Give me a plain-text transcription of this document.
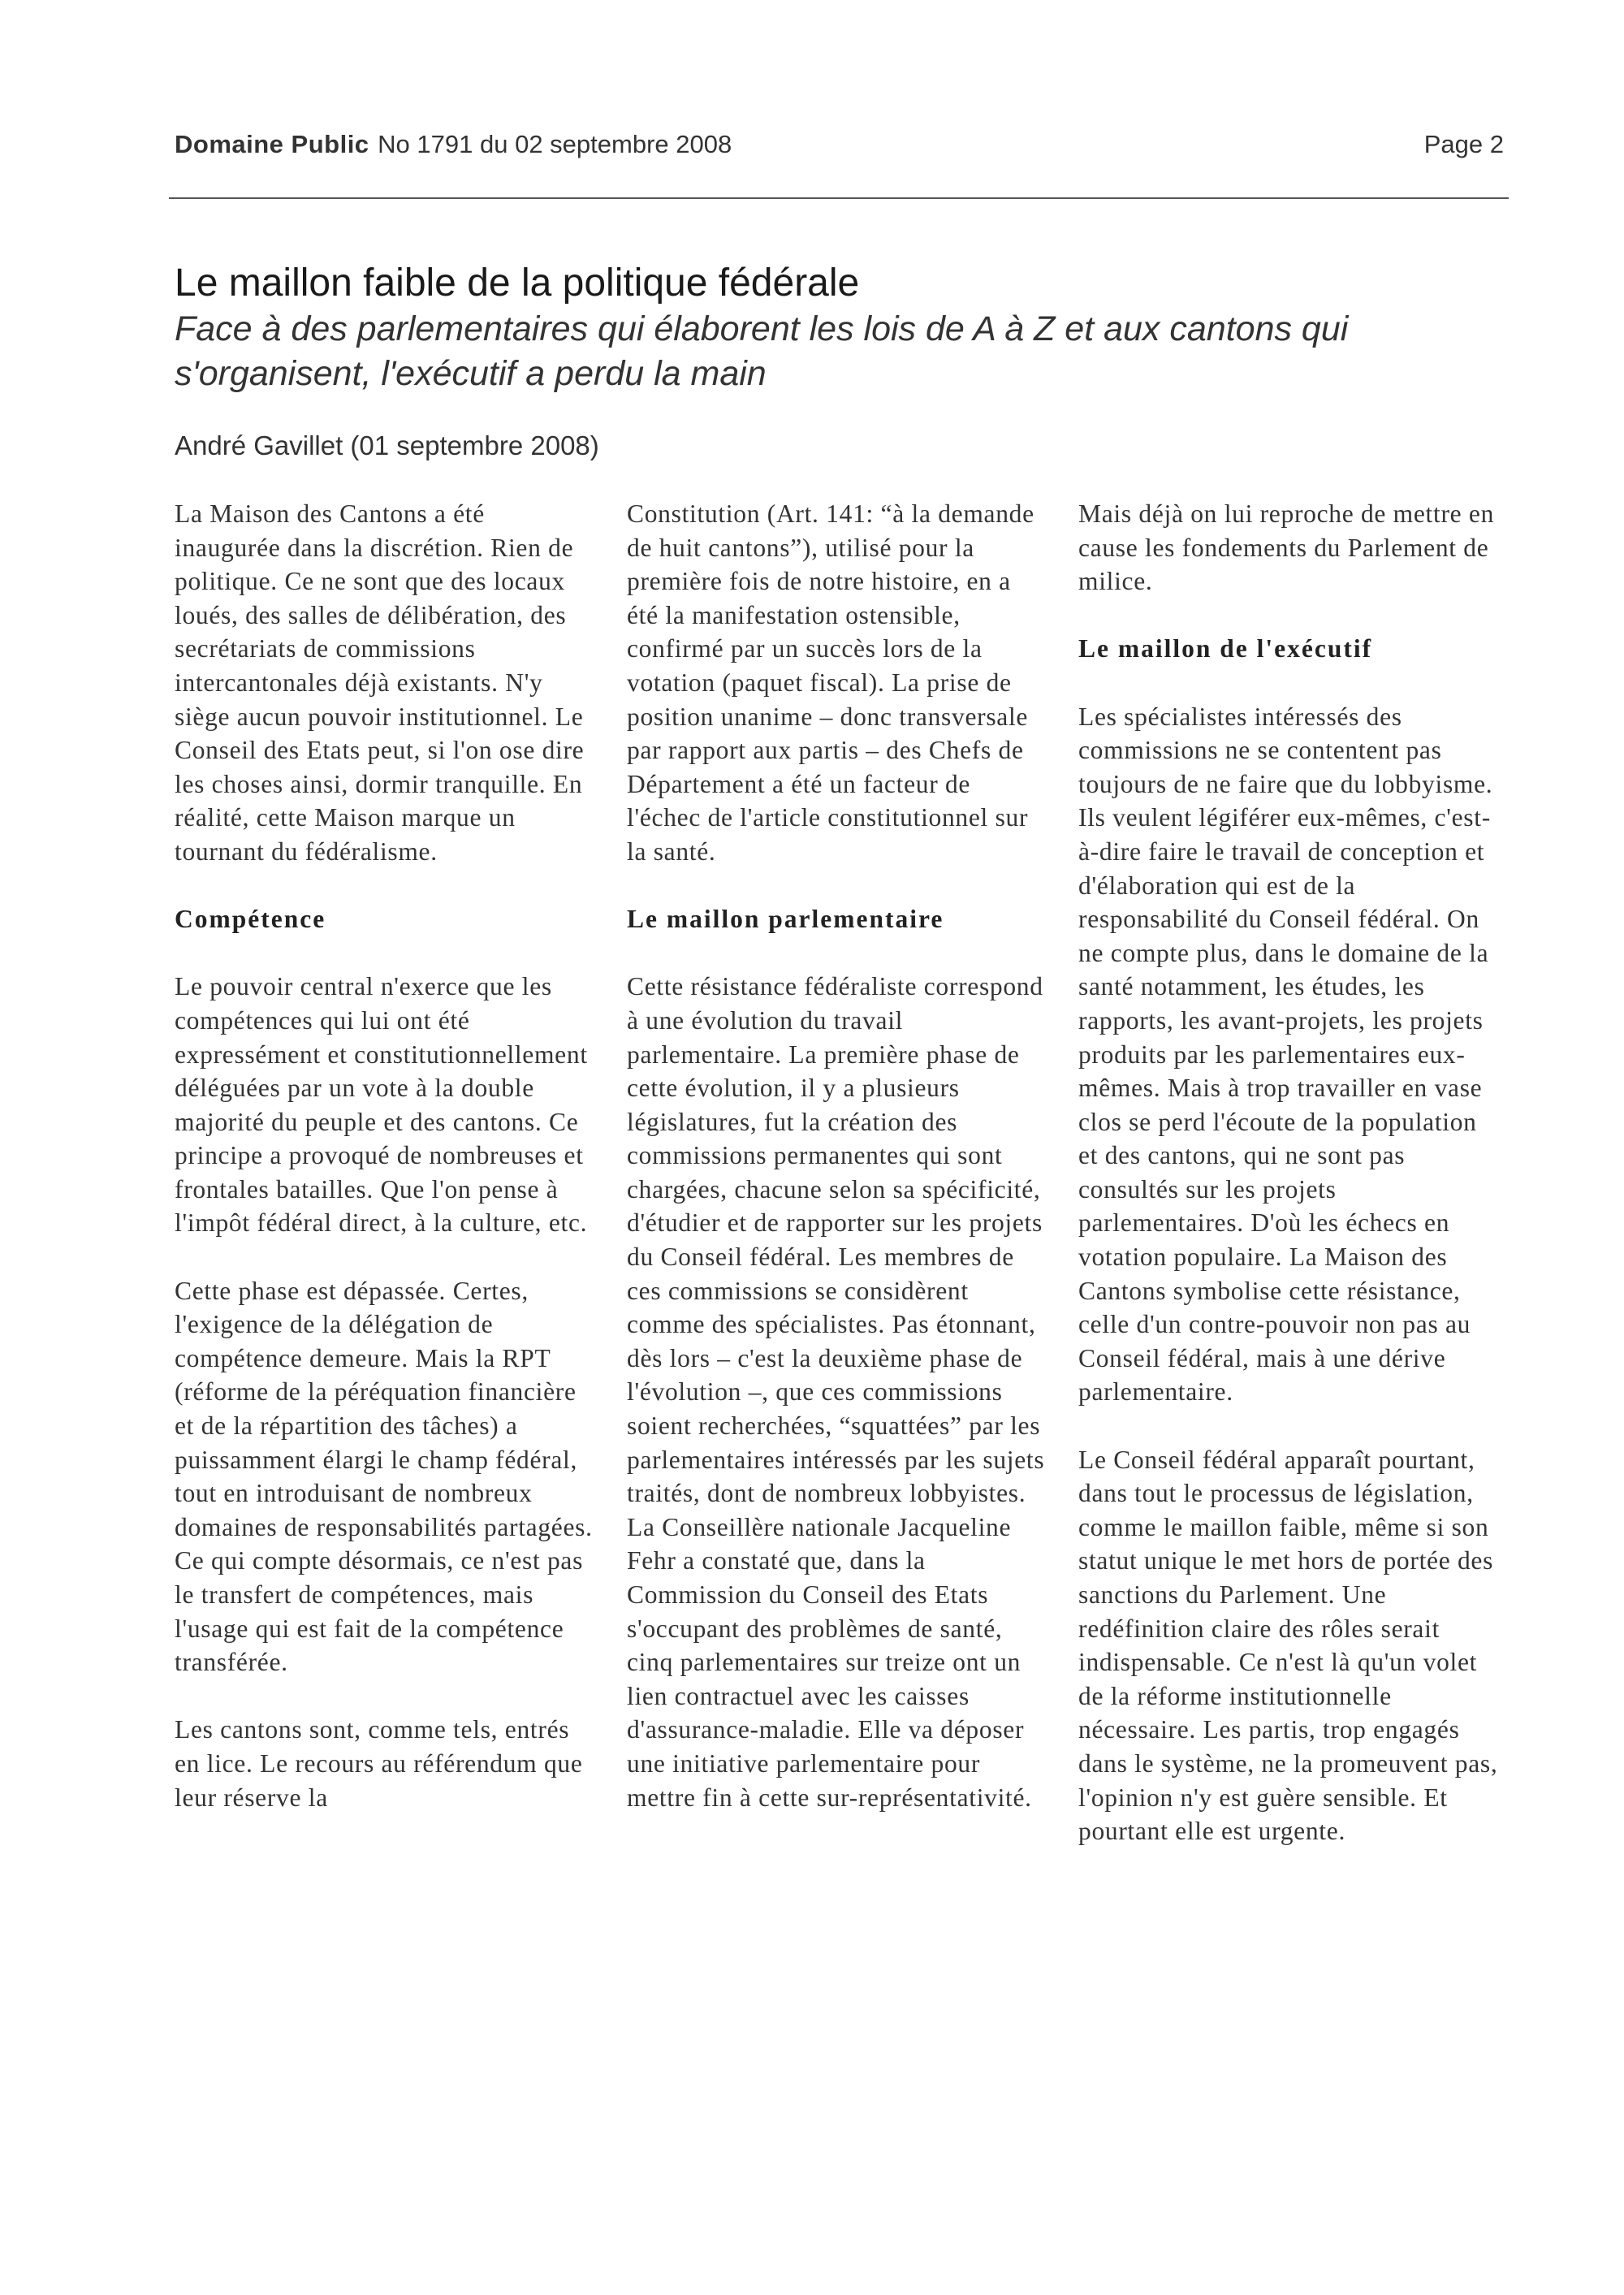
Domaine Public No 1791 du 02 septembre 2008	Page 2
Le maillon faible de la politique fédérale

Face à des parlementaires qui élaborent les lois de A à Z et aux cantons qui s'organisent, l'exécutif a perdu la main

André Gavillet (01 septembre 2008)

La Maison des Cantons a été inaugurée dans la discrétion. Rien de politique. Ce ne sont que des locaux loués, des salles de délibération, des secrétariats de commissions intercantonales déjà existants. N'y siège aucun pouvoir institutionnel. Le Conseil des Etats peut, si l'on ose dire les choses ainsi, dormir tranquille. En réalité, cette Maison marque un tournant du fédéralisme.

Compétence

Le pouvoir central n'exerce que les compétences qui lui ont été expressément et constitutionnellement déléguées par un vote à la double majorité du peuple et des cantons. Ce principe a provoqué de nombreuses et frontales batailles. Que l'on pense à l'impôt fédéral direct, à la culture, etc.

Cette phase est dépassée. Certes, l'exigence de la délégation de compétence demeure. Mais la RPT (réforme de la péréquation financière et de la répartition des tâches) a puissamment élargi le champ fédéral, tout en introduisant de nombreux domaines de responsabilités partagées. Ce qui compte désormais, ce n'est pas le transfert de compétences, mais l'usage qui est fait de la compétence transférée.

Les cantons sont, comme tels, entrés en lice. Le recours au référendum que leur réserve la

Constitution (Art. 141: “à la demande de huit cantons”), utilisé pour la première fois de notre histoire, en a été la manifestation ostensible, confirmé par un succès lors de la votation (paquet fiscal). La prise de position unanime – donc transversale par rapport aux partis – des Chefs de Département a été un facteur de l'échec de l'article constitutionnel sur la santé.

Le maillon parlementaire

Cette résistance fédéraliste correspond à une évolution du travail parlementaire. La première phase de cette évolution, il y a plusieurs législatures, fut la création des commissions permanentes qui sont chargées, chacune selon sa spécificité, d'étudier et de rapporter sur les projets du Conseil fédéral. Les membres de ces commissions se considèrent comme des spécialistes. Pas étonnant, dès lors – c'est la deuxième phase de l'évolution –, que ces commissions soient recherchées, “squattées” par les parlementaires intéressés par les sujets traités, dont de nombreux lobbyistes. La Conseillère nationale Jacqueline Fehr a constaté que, dans la Commission du Conseil des Etats s'occupant des problèmes de santé, cinq parlementaires sur treize ont un lien contractuel avec les caisses d'assurance-maladie. Elle va déposer une initiative parlementaire pour mettre fin à cette sur-représentativité.

Mais déjà on lui reproche de mettre en cause les fondements du Parlement de milice.

Le maillon de l'exécutif

Les spécialistes intéressés des commissions ne se contentent pas toujours de ne faire que du lobbyisme. Ils veulent légiférer eux-mêmes, c'est-à-dire faire le travail de conception et d'élaboration qui est de la responsabilité du Conseil fédéral. On ne compte plus, dans le domaine de la santé notamment, les études, les rapports, les avant-projets, les projets produits par les parlementaires eux-mêmes. Mais à trop travailler en vase clos se perd l'écoute de la population et des cantons, qui ne sont pas consultés sur les projets parlementaires. D'où les échecs en votation populaire. La Maison des Cantons symbolise cette résistance, celle d'un contre-pouvoir non pas au Conseil fédéral, mais à une dérive parlementaire.

Le Conseil fédéral apparaît pourtant, dans tout le processus de législation, comme le maillon faible, même si son statut unique le met hors de portée des sanctions du Parlement. Une redéfinition claire des rôles serait indispensable. Ce n'est là qu'un volet de la réforme institutionnelle nécessaire. Les partis, trop engagés dans le système, ne la promeuvent pas, l'opinion n'y est guère sensible. Et pourtant elle est urgente.
